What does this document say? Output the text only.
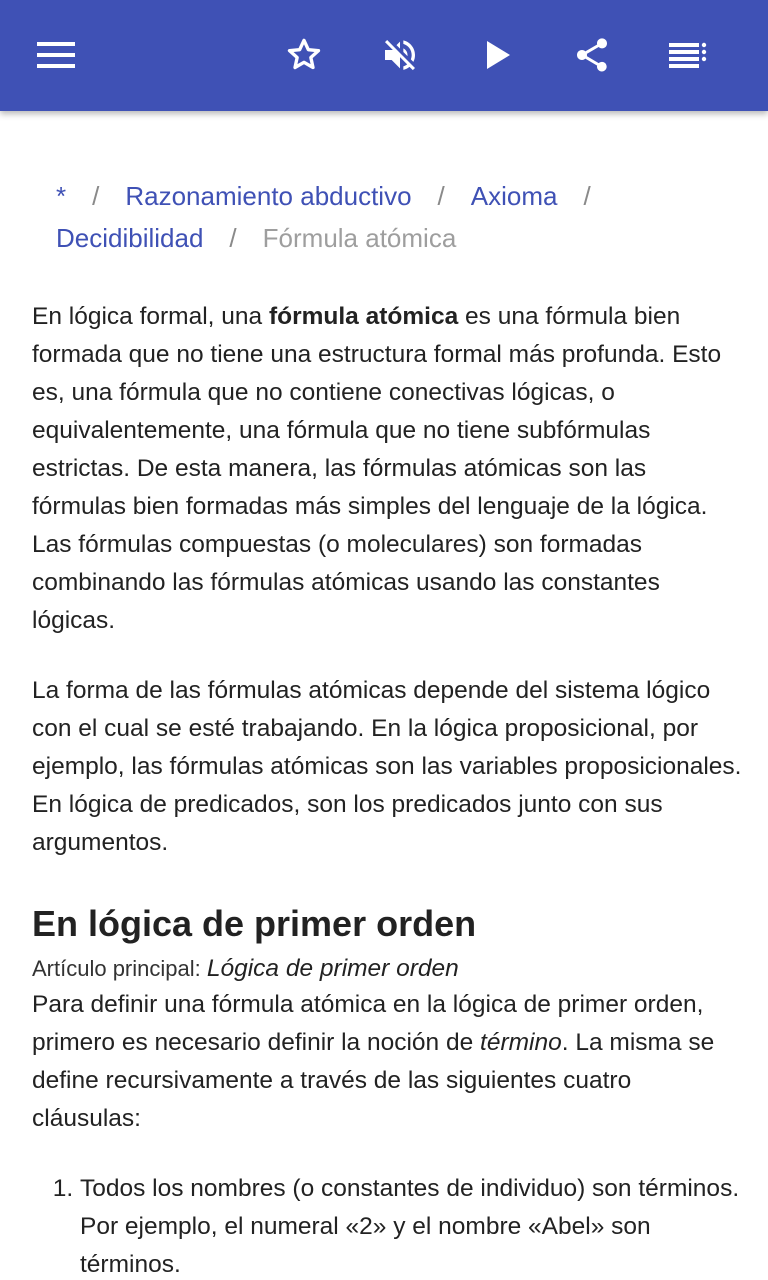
* / Razonamiento abductivo / Axioma /
Decidibilidad / Fórmula atómica

En lógica formal, una fórmula atómica es una fórmula bien formada que no tiene una estructura formal más profunda. Esto es, una fórmula que no contiene conectivas lógicas, o equivalentemente, una fórmula que no tiene subfórmulas estrictas. De esta manera, las fórmulas atómicas son las fórmulas bien formadas más simples del lenguaje de la lógica. Las fórmulas compuestas (o moleculares) son formadas combinando las fórmulas atómicas usando las constantes lógicas.

La forma de las fórmulas atómicas depende del sistema lógico con el cual se esté trabajando. En la lógica proposicional, por ejemplo, las fórmulas atómicas son las variables proposicionales. En lógica de predicados, son los predicados junto con sus argumentos.

En lógica de primer orden
Artículo principal: Lógica de primer orden

Para definir una fórmula atómica en la lógica de primer orden, primero es necesario definir la noción de término. La misma se define recursivamente a través de las siguientes cuatro cláusulas:

1. Todos los nombres (o constantes de individuo) son términos. Por ejemplo, el numeral «2» y el nombre «Abel» son términos.
